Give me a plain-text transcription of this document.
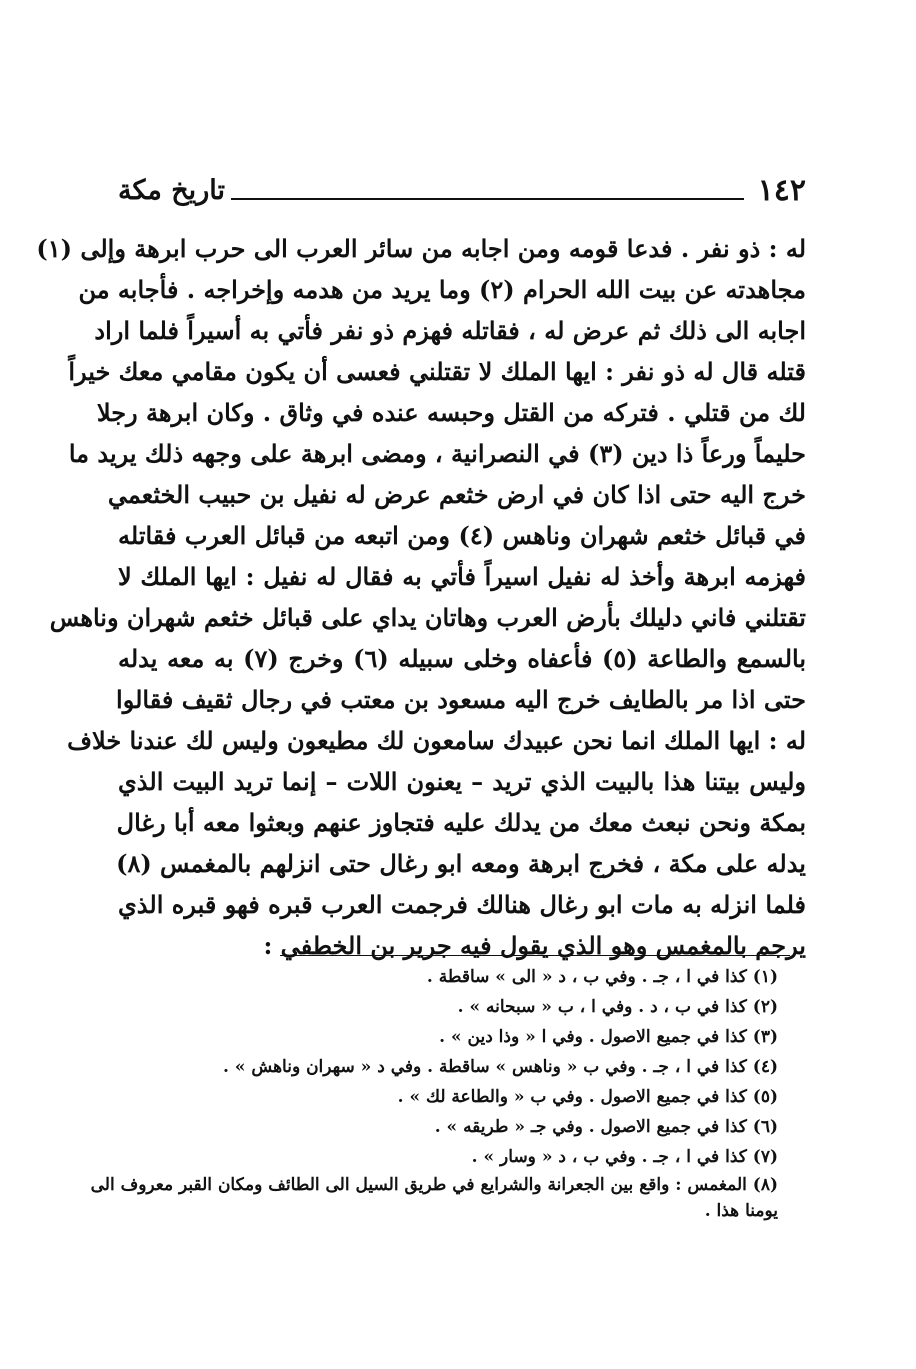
١٤٢
تاريخ مكة
له : ذو نفر . فدعا قومه ومن اجابه من سائر العرب الى حرب ابرهة وإلى (١)
مجاهدته عن بيت الله الحرام (٢) وما يريد من هدمه وإخراجه . فأجابه من
اجابه الى ذلك ثم عرض له ، فقاتله فهزم ذو نفر فأتي به أسيراً فلما اراد
قتله قال له ذو نفر : ايها الملك لا تقتلني فعسى أن يكون مقامي معك خيراً
لك من قتلي . فتركه من القتل وحبسه عنده في وثاق . وكان ابرهة رجلا
حليماً ورعاً ذا دين (٣) في النصرانية ، ومضى ابرهة على وجهه ذلك يريد ما
خرج اليه حتى اذا كان في ارض خثعم عرض له نفيل بن حبيب الخثعمي
في قبائل خثعم شهران وناهس (٤) ومن اتبعه من قبائل العرب فقاتله
فهزمه ابرهة وأخذ له نفيل اسيراً فأتي به فقال له نفيل : ايها الملك لا
تقتلني فاني دليلك بأرض العرب وهاتان يداي على قبائل خثعم شهران وناهس
بالسمع والطاعة (٥) فأعفاه وخلى سبيله (٦) وخرج (٧) به معه يدله
حتى اذا مر بالطايف خرج اليه مسعود بن معتب في رجال ثقيف فقالوا
له : ايها الملك انما نحن عبيدك سامعون لك مطيعون وليس لك عندنا خلاف
وليس بيتنا هذا بالبيت الذي تريد – يعنون اللات – إنما تريد البيت الذي
بمكة ونحن نبعث معك من يدلك عليه فتجاوز عنهم وبعثوا معه أبا رغال
يدله على مكة ، فخرج ابرهة ومعه ابو رغال حتى انزلهم بالمغمس (٨)
فلما انزله به مات ابو رغال هنالك فرجمت العرب قبره فهو قبره الذي
يرجم بالمغمس وهو الذي يقول فيه جرير بن الخطفي :
(١) كذا في ا ، جـ . وفي ب ، د « الى » ساقطة .
(٢) كذا في ب ، د . وفي ا ، ب « سبحانه » .
(٣) كذا في جميع الاصول . وفي ا « وذا دين » .
(٤) كذا في ا ، جـ . وفي ب « وناهس » ساقطة . وفي د « سهران وناهش » .
(٥) كذا في جميع الاصول . وفي ب « والطاعة لك » .
(٦) كذا في جميع الاصول . وفي جـ « طريقه » .
(٧) كذا في ا ، جـ . وفي ب ، د « وسار » .
(٨) المغمس : واقع بين الجعرانة والشرايع في طريق السيل الى الطائف ومكان القبر معروف الى يومنا هذا .
